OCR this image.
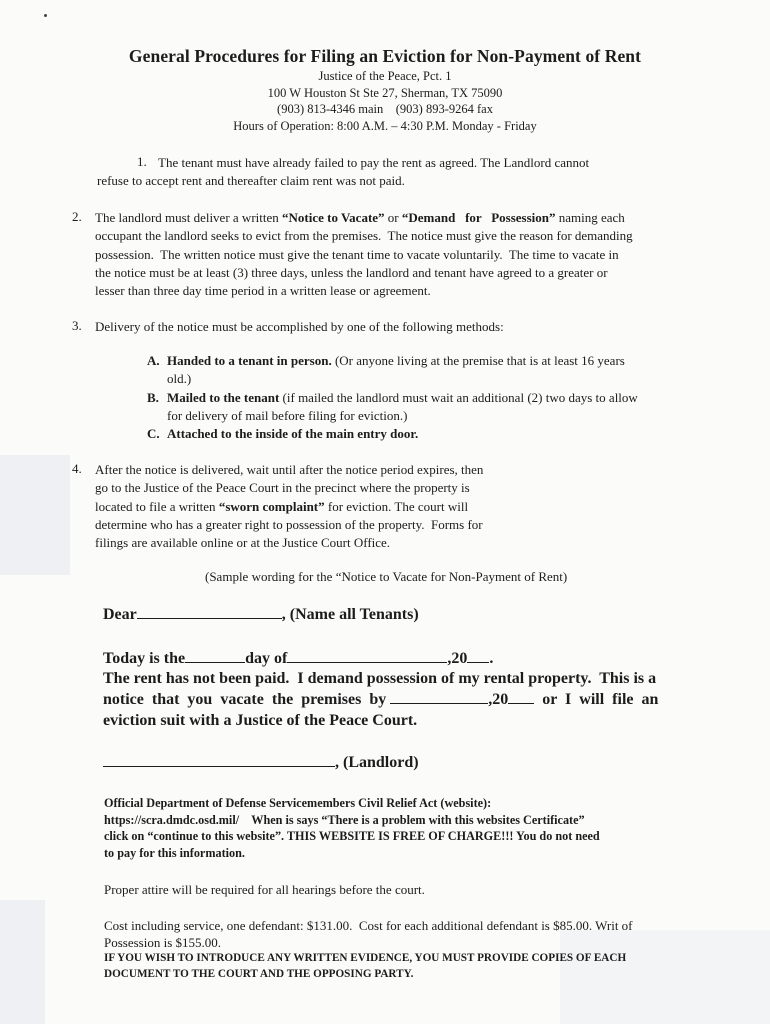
General Procedures for Filing an Eviction for Non-Payment of Rent
Justice of the Peace, Pct. 1
100 W Houston St Ste 27, Sherman, TX 75090
(903) 813-4346 main    (903) 893-9264 fax
Hours of Operation: 8:00 A.M. – 4:30 P.M. Monday - Friday
1. The tenant must have already failed to pay the rent as agreed. The Landlord cannot
refuse to accept rent and thereafter claim rent was not paid.
2. The landlord must deliver a written “Notice to Vacate” or “Demand   for   Possession” naming each
occupant the landlord seeks to evict from the premises.  The notice must give the reason for demanding
possession.  The written notice must give the tenant time to vacate voluntarily.  The time to vacate in
the notice must be at least (3) three days, unless the landlord and tenant have agreed to a greater or
lesser than three day time period in a written lease or agreement.
3. Delivery of the notice must be accomplished by one of the following methods:
A. Handed to a tenant in person. (Or anyone living at the premise that is at least 16 years
old.)
B. Mailed to the tenant (if mailed the landlord must wait an additional (2) two days to allow
for delivery of mail before filing for eviction.)
C. Attached to the inside of the main entry door.
4. After the notice is delivered, wait until after the notice period expires, then
go to the Justice of the Peace Court in the precinct where the property is
located to file a written “sworn complaint” for eviction. The court will
determine who has a greater right to possession of the property.  Forms for
filings are available online or at the Justice Court Office.
(Sample wording for the “Notice to Vacate for Non-Payment of Rent)
Dear	, (Name all Tenants)
Today is the	day of	,20 .
The rent has not been paid.  I demand possession of my rental property.  This is a
notice  that  you  vacate  the  premises  by	,20 or  I  will  file  an
eviction suit with a Justice of the Peace Court.
, (Landlord)
Official Department of Defense Servicemembers Civil Relief Act (website):
https://scra.dmdc.osd.mil/ When is says “There is a problem with this websites Certificate”
click on “continue to this website”. THIS WEBSITE IS FREE OF CHARGE!!! You do not need
to pay for this information.
Proper attire will be required for all hearings before the court.
Cost including service, one defendant: $131.00.  Cost for each additional defendant is $85.00. Writ of
Possession is $155.00.
IF YOU WISH TO INTRODUCE ANY WRITTEN EVIDENCE, YOU MUST PROVIDE COPIES OF EACH
DOCUMENT TO THE COURT AND THE OPPOSING PARTY.
